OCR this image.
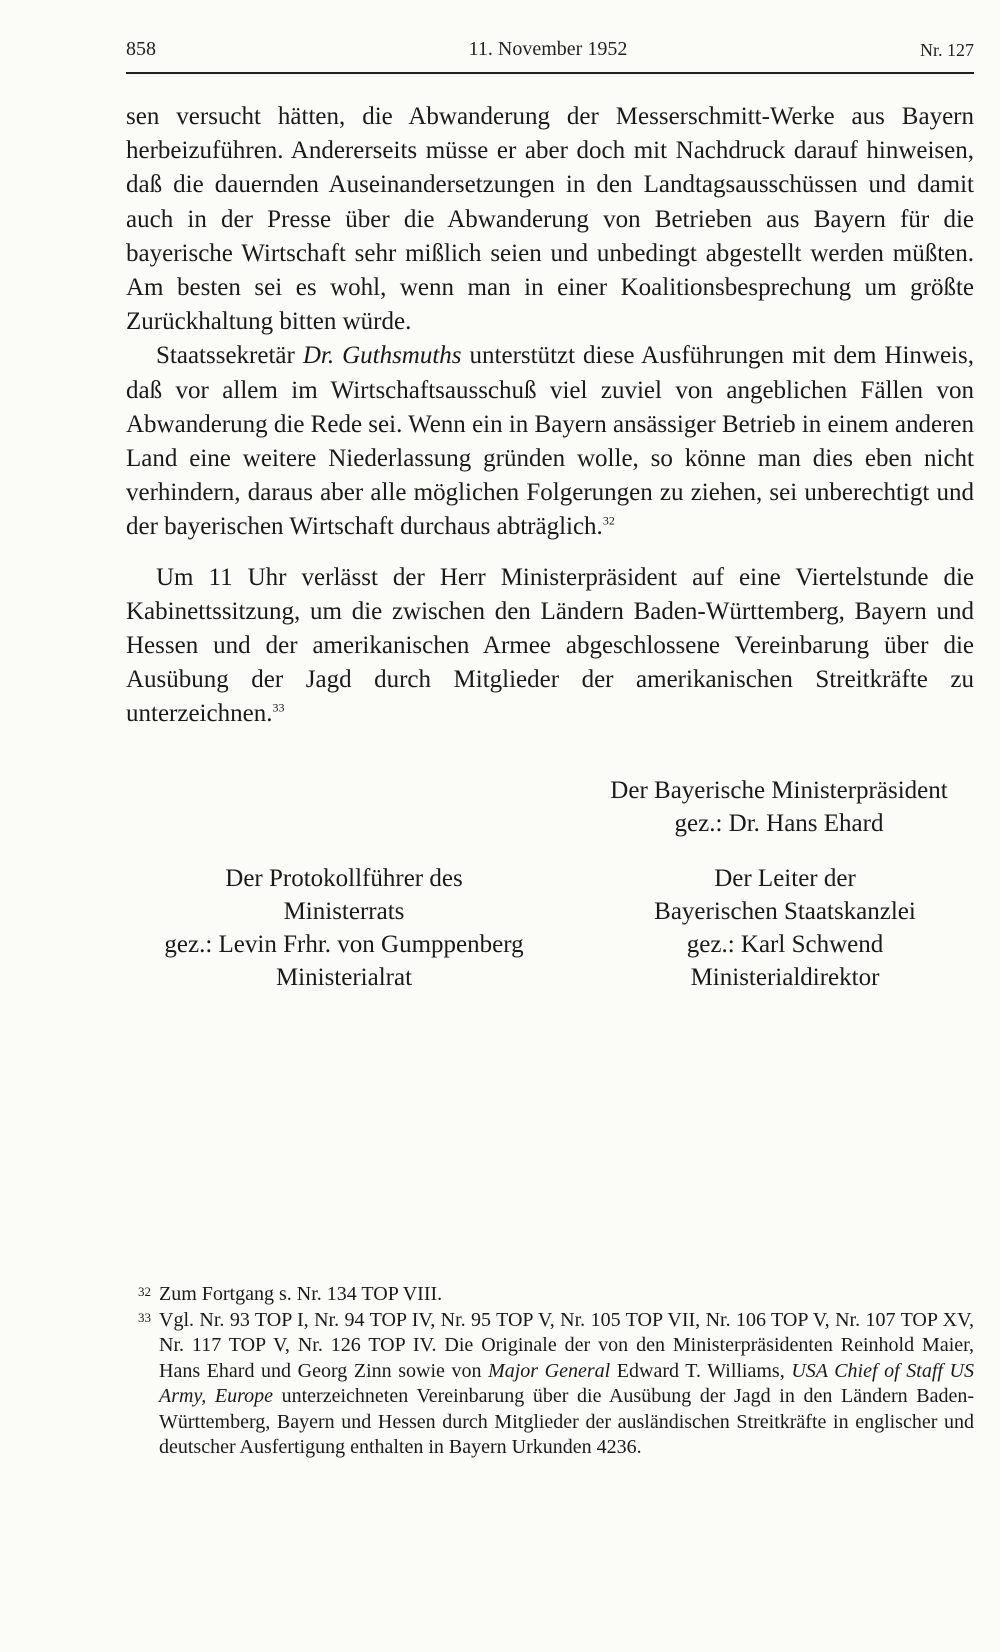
858	11. November 1952	Nr. 127

sen versucht hätten, die Abwanderung der Messerschmitt-Werke aus Bayern herbeizuführen. Andererseits müsse er aber doch mit Nachdruck darauf hinweisen, daß die dauernden Auseinandersetzungen in den Landtagsausschüssen und damit auch in der Presse über die Abwanderung von Betrieben aus Bayern für die bayerische Wirtschaft sehr mißlich seien und unbedingt abgestellt werden müßten. Am besten sei es wohl, wenn man in einer Koalitionsbesprechung um größte Zurückhaltung bitten würde.

Staatssekretär Dr. Guthsmuths unterstützt diese Ausführungen mit dem Hinweis, daß vor allem im Wirtschaftsausschuß viel zuviel von angeblichen Fällen von Abwanderung die Rede sei. Wenn ein in Bayern ansässiger Betrieb in einem anderen Land eine weitere Niederlassung gründen wolle, so könne man dies eben nicht verhindern, daraus aber alle möglichen Folgerungen zu ziehen, sei unberechtigt und der bayerischen Wirtschaft durchaus abträglich.$^{32}$

Um 11 Uhr verlässt der Herr Ministerpräsident auf eine Viertelstunde die Kabinettssitzung, um die zwischen den Ländern Baden-Württemberg, Bayern und Hessen und der amerikanischen Armee abgeschlossene Vereinbarung über die Ausübung der Jagd durch Mitglieder der amerikanischen Streitkräfte zu unterzeichnen.$^{33}$

Der Bayerische Ministerpräsident
gez.: Dr. Hans Ehard
Der Protokollführer des
Ministerrats
gez.: Levin Frhr. von Gumppenberg
Ministerialrat
Der Leiter der
Bayerischen Staatskanzlei
gez.: Karl Schwend
Ministerialdirektor
32 Zum Fortgang s. Nr. 134 TOP VIII.
33 Vgl. Nr. 93 TOP I, Nr. 94 TOP IV, Nr. 95 TOP V, Nr. 105 TOP VII, Nr. 106 TOP V, Nr. 107 TOP XV, Nr. 117 TOP V, Nr. 126 TOP IV. Die Originale der von den Ministerpräsidenten Reinhold Maier, Hans Ehard und Georg Zinn sowie von Major General Edward T. Williams, USA Chief of Staff US Army, Europe unterzeichneten Vereinbarung über die Ausübung der Jagd in den Ländern Baden-Württemberg, Bayern und Hessen durch Mitglieder der ausländischen Streitkräfte in englischer und deutscher Ausfertigung enthalten in Bayern Urkunden 4236.
